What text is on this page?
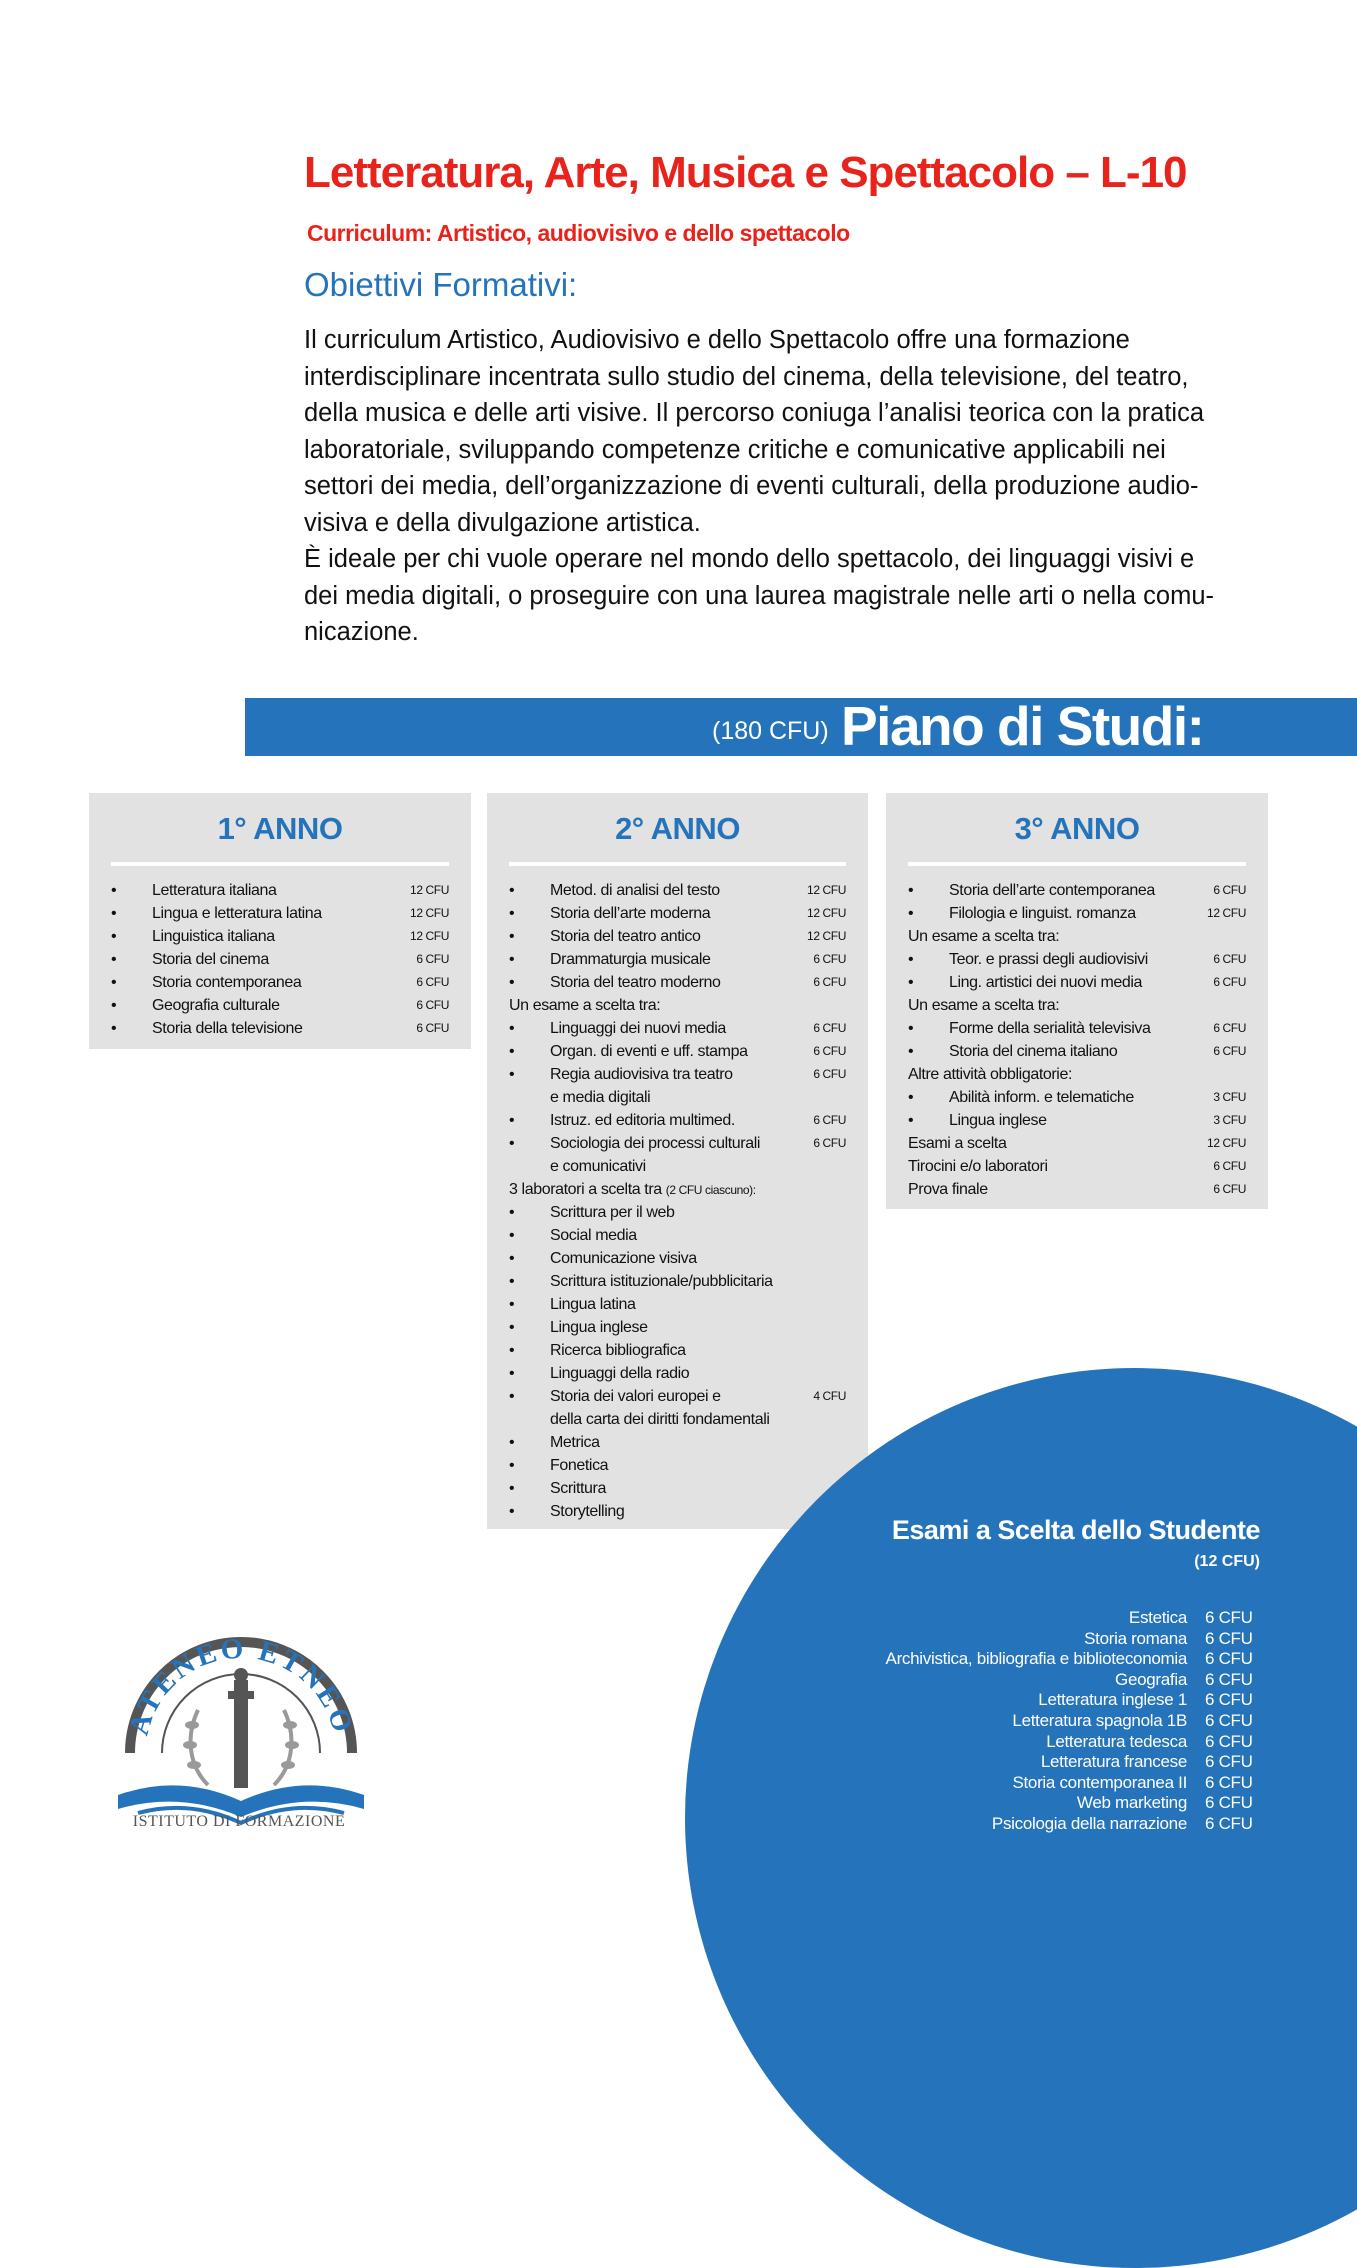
Letteratura, Arte, Musica e Spettacolo – L-10
Curriculum: Artistico, audiovisivo e dello spettacolo
Obiettivi Formativi:
Il curriculum Artistico, Audiovisivo e dello Spettacolo offre una formazione
interdisciplinare incentrata sullo studio del cinema, della televisione, del teatro,
della musica e delle arti visive. Il percorso coniuga l’analisi teorica con la pratica
laboratoriale, sviluppando competenze critiche e comunicative applicabili nei
settori dei media, dell’organizzazione di eventi culturali, della produzione audio-
visiva e della divulgazione artistica.
È ideale per chi vuole operare nel mondo dello spettacolo, dei linguaggi visivi e
dei media digitali, o proseguire con una laurea magistrale nelle arti o nella comu-
nicazione.
(180 CFU) Piano di Studi:
1° ANNO
• Letteratura italiana	12 CFU
• Lingua e letteratura latina	12 CFU
• Linguistica italiana	12 CFU
• Storia del cinema	6 CFU
• Storia contemporanea	6 CFU
• Geografia culturale	6 CFU
• Storia della televisione	6 CFU
2° ANNO
• Metod. di analisi del testo	12 CFU
• Storia dell’arte moderna	12 CFU
• Storia del teatro antico	12 CFU
• Drammaturgia musicale	6 CFU
• Storia del teatro moderno	6 CFU
Un esame a scelta tra:
• Linguaggi dei nuovi media	6 CFU
• Organ. di eventi e uff. stampa	6 CFU
• Regia audiovisiva tra teatro	6 CFU
e media digitali
• Istruz. ed editoria multimed.	6 CFU
• Sociologia dei processi culturali	6 CFU
e comunicativi
3 laboratori a scelta tra (2 CFU ciascuno):
• Scrittura per il web
• Social media
• Comunicazione visiva
• Scrittura istituzionale/pubblicitaria
• Lingua latina
• Lingua inglese
• Ricerca bibliografica
• Linguaggi della radio
• Storia dei valori europei e	4 CFU
della carta dei diritti fondamentali
• Metrica
• Fonetica
• Scrittura
• Storytelling
3° ANNO
• Storia dell’arte contemporanea	6 CFU
• Filologia e linguist. romanza	12 CFU
Un esame a scelta tra:
• Teor. e prassi degli audiovisivi	6 CFU
• Ling. artistici dei nuovi media	6 CFU
Un esame a scelta tra:
• Forme della serialità televisiva	6 CFU
• Storia del cinema italiano	6 CFU
Altre attività obbligatorie:
• Abilità inform. e telematiche	3 CFU
• Lingua inglese	3 CFU
Esami a scelta	12 CFU
Tirocini e/o laboratori	6 CFU
Prova finale	6 CFU
Esami a Scelta dello Studente
(12 CFU)
Estetica 6 CFU
Storia romana 6 CFU
Archivistica, bibliografia e biblioteconomia 6 CFU
Geografia 6 CFU
Letteratura inglese 1 6 CFU
Letteratura spagnola 1B 6 CFU
Letteratura tedesca 6 CFU
Letteratura francese 6 CFU
Storia contemporanea II 6 CFU
Web marketing 6 CFU
Psicologia della narrazione 6 CFU
ATENEO ETNEO
ISTITUTO DI FORMAZIONE
